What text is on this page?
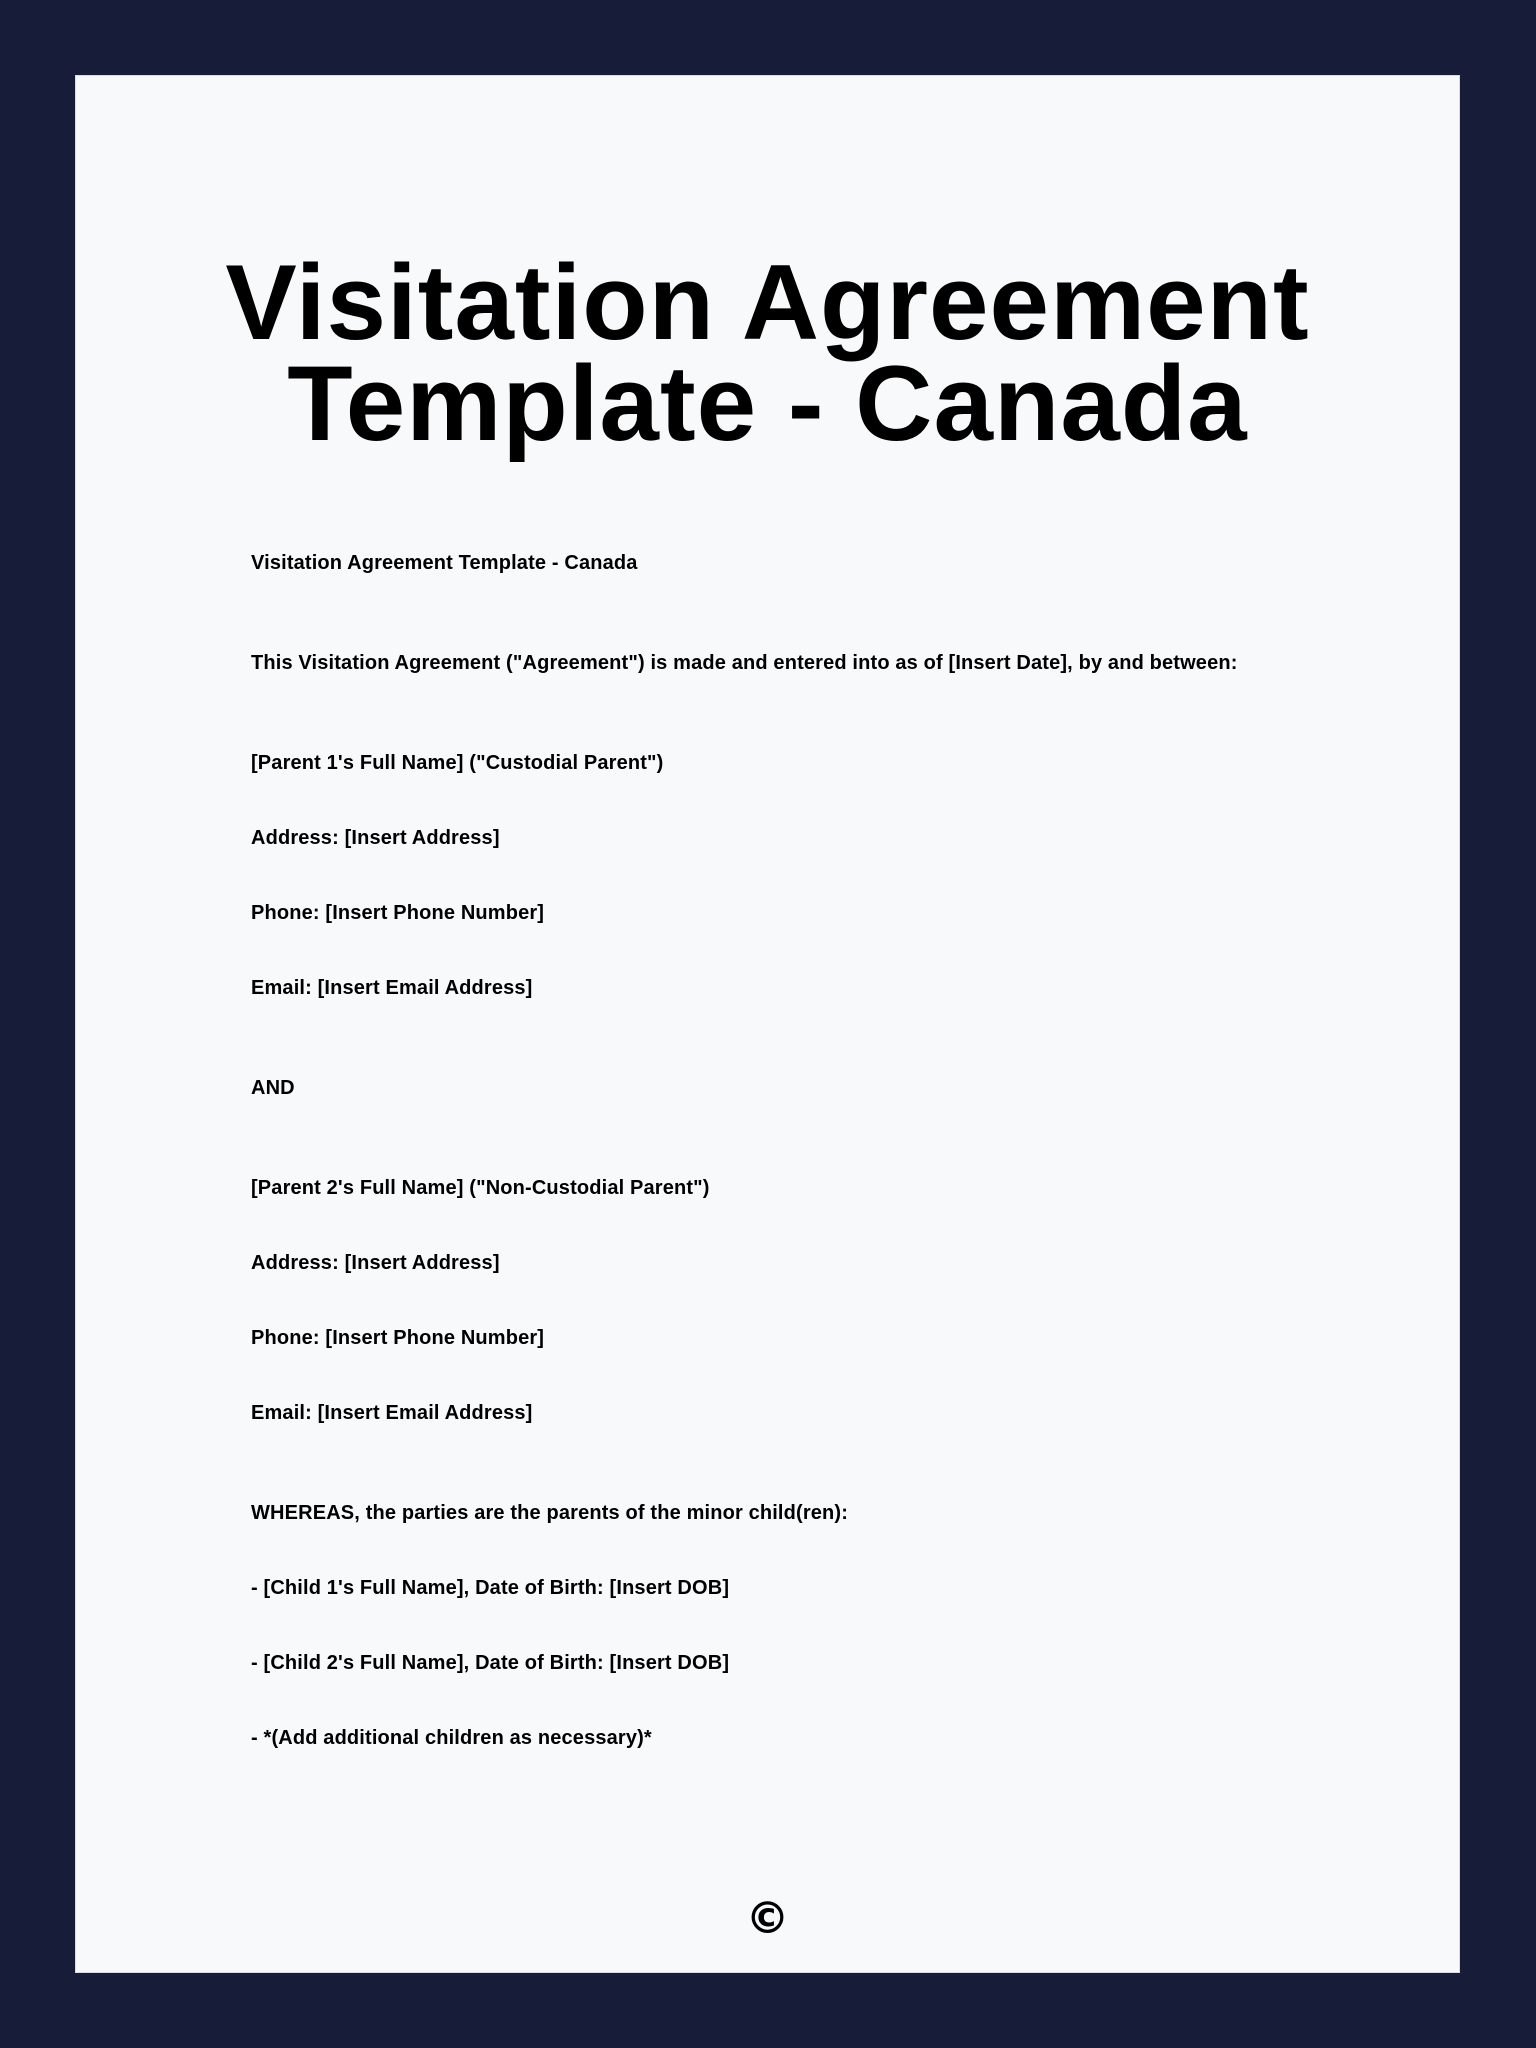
Visitation Agreement
Template - Canada

Visitation Agreement Template - Canada

This Visitation Agreement ("Agreement") is made and entered into as of [Insert Date], by and between:

[Parent 1's Full Name] ("Custodial Parent")

Address: [Insert Address]

Phone: [Insert Phone Number]

Email: [Insert Email Address]

AND

[Parent 2's Full Name] ("Non-Custodial Parent")

Address: [Insert Address]

Phone: [Insert Phone Number]

Email: [Insert Email Address]

WHEREAS, the parties are the parents of the minor child(ren):

- [Child 1's Full Name], Date of Birth: [Insert DOB]

- [Child 2's Full Name], Date of Birth: [Insert DOB]

- *(Add additional children as necessary)*

©
